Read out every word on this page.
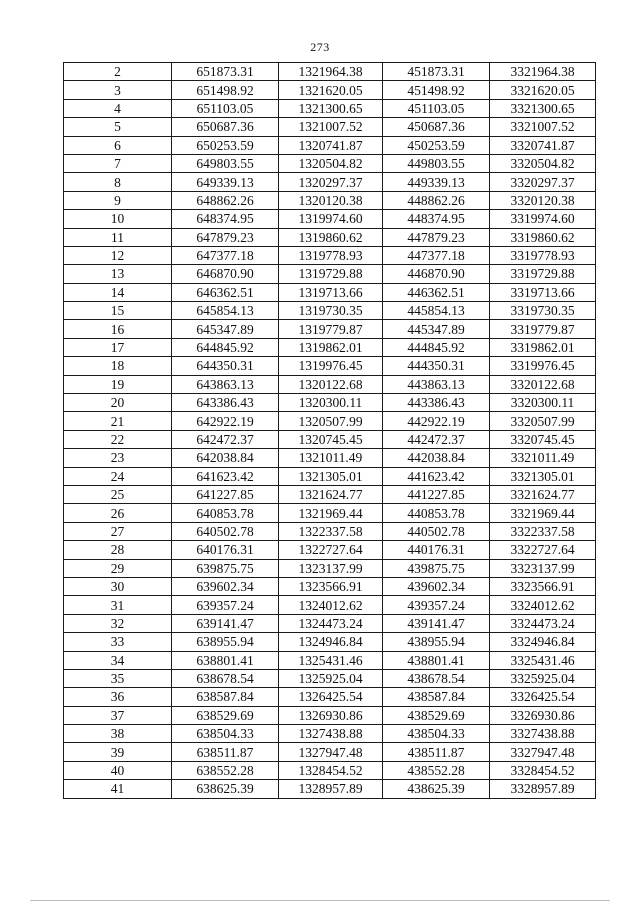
273
2	651873.31	1321964.38	451873.31	3321964.38
3	651498.92	1321620.05	451498.92	3321620.05
4	651103.05	1321300.65	451103.05	3321300.65
5	650687.36	1321007.52	450687.36	3321007.52
6	650253.59	1320741.87	450253.59	3320741.87
7	649803.55	1320504.82	449803.55	3320504.82
8	649339.13	1320297.37	449339.13	3320297.37
9	648862.26	1320120.38	448862.26	3320120.38
10	648374.95	1319974.60	448374.95	3319974.60
11	647879.23	1319860.62	447879.23	3319860.62
12	647377.18	1319778.93	447377.18	3319778.93
13	646870.90	1319729.88	446870.90	3319729.88
14	646362.51	1319713.66	446362.51	3319713.66
15	645854.13	1319730.35	445854.13	3319730.35
16	645347.89	1319779.87	445347.89	3319779.87
17	644845.92	1319862.01	444845.92	3319862.01
18	644350.31	1319976.45	444350.31	3319976.45
19	643863.13	1320122.68	443863.13	3320122.68
20	643386.43	1320300.11	443386.43	3320300.11
21	642922.19	1320507.99	442922.19	3320507.99
22	642472.37	1320745.45	442472.37	3320745.45
23	642038.84	1321011.49	442038.84	3321011.49
24	641623.42	1321305.01	441623.42	3321305.01
25	641227.85	1321624.77	441227.85	3321624.77
26	640853.78	1321969.44	440853.78	3321969.44
27	640502.78	1322337.58	440502.78	3322337.58
28	640176.31	1322727.64	440176.31	3322727.64
29	639875.75	1323137.99	439875.75	3323137.99
30	639602.34	1323566.91	439602.34	3323566.91
31	639357.24	1324012.62	439357.24	3324012.62
32	639141.47	1324473.24	439141.47	3324473.24
33	638955.94	1324946.84	438955.94	3324946.84
34	638801.41	1325431.46	438801.41	3325431.46
35	638678.54	1325925.04	438678.54	3325925.04
36	638587.84	1326425.54	438587.84	3326425.54
37	638529.69	1326930.86	438529.69	3326930.86
38	638504.33	1327438.88	438504.33	3327438.88
39	638511.87	1327947.48	438511.87	3327947.48
40	638552.28	1328454.52	438552.28	3328454.52
41	638625.39	1328957.89	438625.39	3328957.89
